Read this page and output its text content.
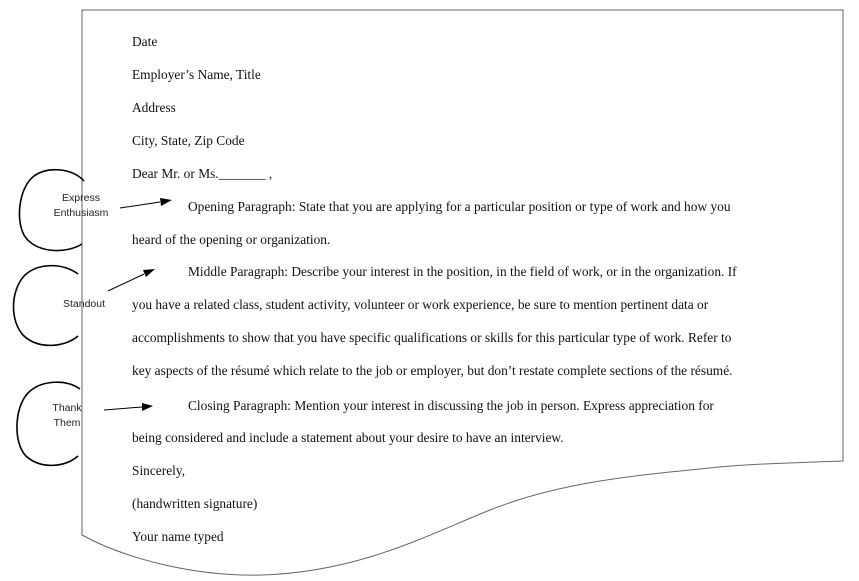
Express
Enthusiasm
Standout
Thank
Them
Date
Employer’s Name, Title
Address
City, State, Zip Code
Dear Mr. or Ms._______ ,
Opening Paragraph: State that you are applying for a particular position or type of work and how you
heard of the opening or organization.
Middle Paragraph: Describe your interest in the position, in the field of work, or in the organization. If
you have a related class, student activity, volunteer or work experience, be sure to mention pertinent data or
accomplishments to show that you have specific qualifications or skills for this particular type of work. Refer to
key aspects of the résumé which relate to the job or employer, but don’t restate complete sections of the résumé.
Closing Paragraph: Mention your interest in discussing the job in person. Express appreciation for
being considered and include a statement about your desire to have an interview.
Sincerely,
(handwritten signature)
Your name typed
